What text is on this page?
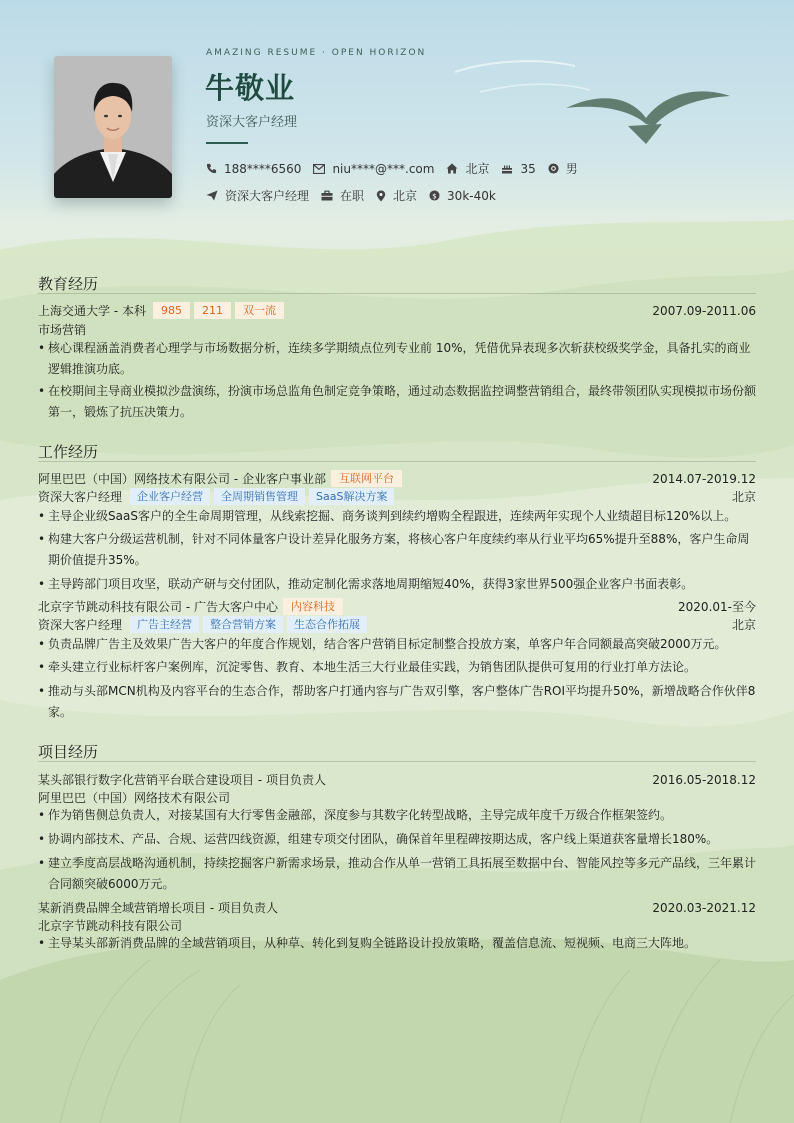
AMAZING RESUME · OPEN HORIZON
牛敬业
资深大客户经理
188****6560	niu****@***.com	北京	35	男
资深大客户经理	在职 北京 $ 30k-40k
教育经历
上海交通大学 - 本科	985	211	双一流	2007.09-2011.06
市场营销
• 核心课程涵盖消费者心理学与市场数据分析，连续多学期绩点位列专业前 10%，凭借优异表现多次斩获校级奖学金，具备扎实的商业逻辑推演功底。
• 在校期间主导商业模拟沙盘演练，扮演市场总监角色制定竞争策略，通过动态数据监控调整营销组合，最终带领团队实现模拟市场份额第一，锻炼了抗压决策力。
工作经历
阿里巴巴（中国）网络技术有限公司 - 企业客户事业部	互联网平台	2014.07-2019.12
资深大客户经理	企业客户经营	全周期销售管理	SaaS解决方案	北京
• 主导企业级SaaS客户的全生命周期管理，从线索挖掘、商务谈判到续约增购全程跟进，连续两年实现个人业绩超目标120%以上。
• 构建大客户分级运营机制，针对不同体量客户设计差异化服务方案，将核心客户年度续约率从行业平均65%提升至88%，客户生命周期价值提升35%。
• 主导跨部门项目攻坚，联动产研与交付团队，推动定制化需求落地周期缩短40%，获得3家世界500强企业客户书面表彰。
北京字节跳动科技有限公司 - 广告大客户中心	内容科技	2020.01-至今
资深大客户经理	广告主经营	整合营销方案	生态合作拓展	北京
• 负责品牌广告主及效果广告大客户的年度合作规划，结合客户营销目标定制整合投放方案，单客户年合同额最高突破2000万元。
• 牵头建立行业标杆客户案例库，沉淀零售、教育、本地生活三大行业最佳实践，为销售团队提供可复用的行业打单方法论。
• 推动与头部MCN机构及内容平台的生态合作，帮助客户打通内容与广告双引擎，客户整体广告ROI平均提升50%，新增战略合作伙伴8家。
项目经历
某头部银行数字化营销平台联合建设项目 - 项目负责人	2016.05-2018.12
阿里巴巴（中国）网络技术有限公司
• 作为销售侧总负责人，对接某国有大行零售金融部，深度参与其数字化转型战略，主导完成年度千万级合作框架签约。
• 协调内部技术、产品、合规、运营四线资源，组建专项交付团队，确保首年里程碑按期达成，客户线上渠道获客量增长180%。
• 建立季度高层战略沟通机制，持续挖掘客户新需求场景，推动合作从单一营销工具拓展至数据中台、智能风控等多元产品线，三年累计合同额突破6000万元。
某新消费品牌全域营销增长项目 - 项目负责人	2020.03-2021.12
北京字节跳动科技有限公司
• 主导某头部新消费品牌的全域营销项目，从种草、转化到复购全链路设计投放策略，覆盖信息流、短视频、电商三大阵地。
